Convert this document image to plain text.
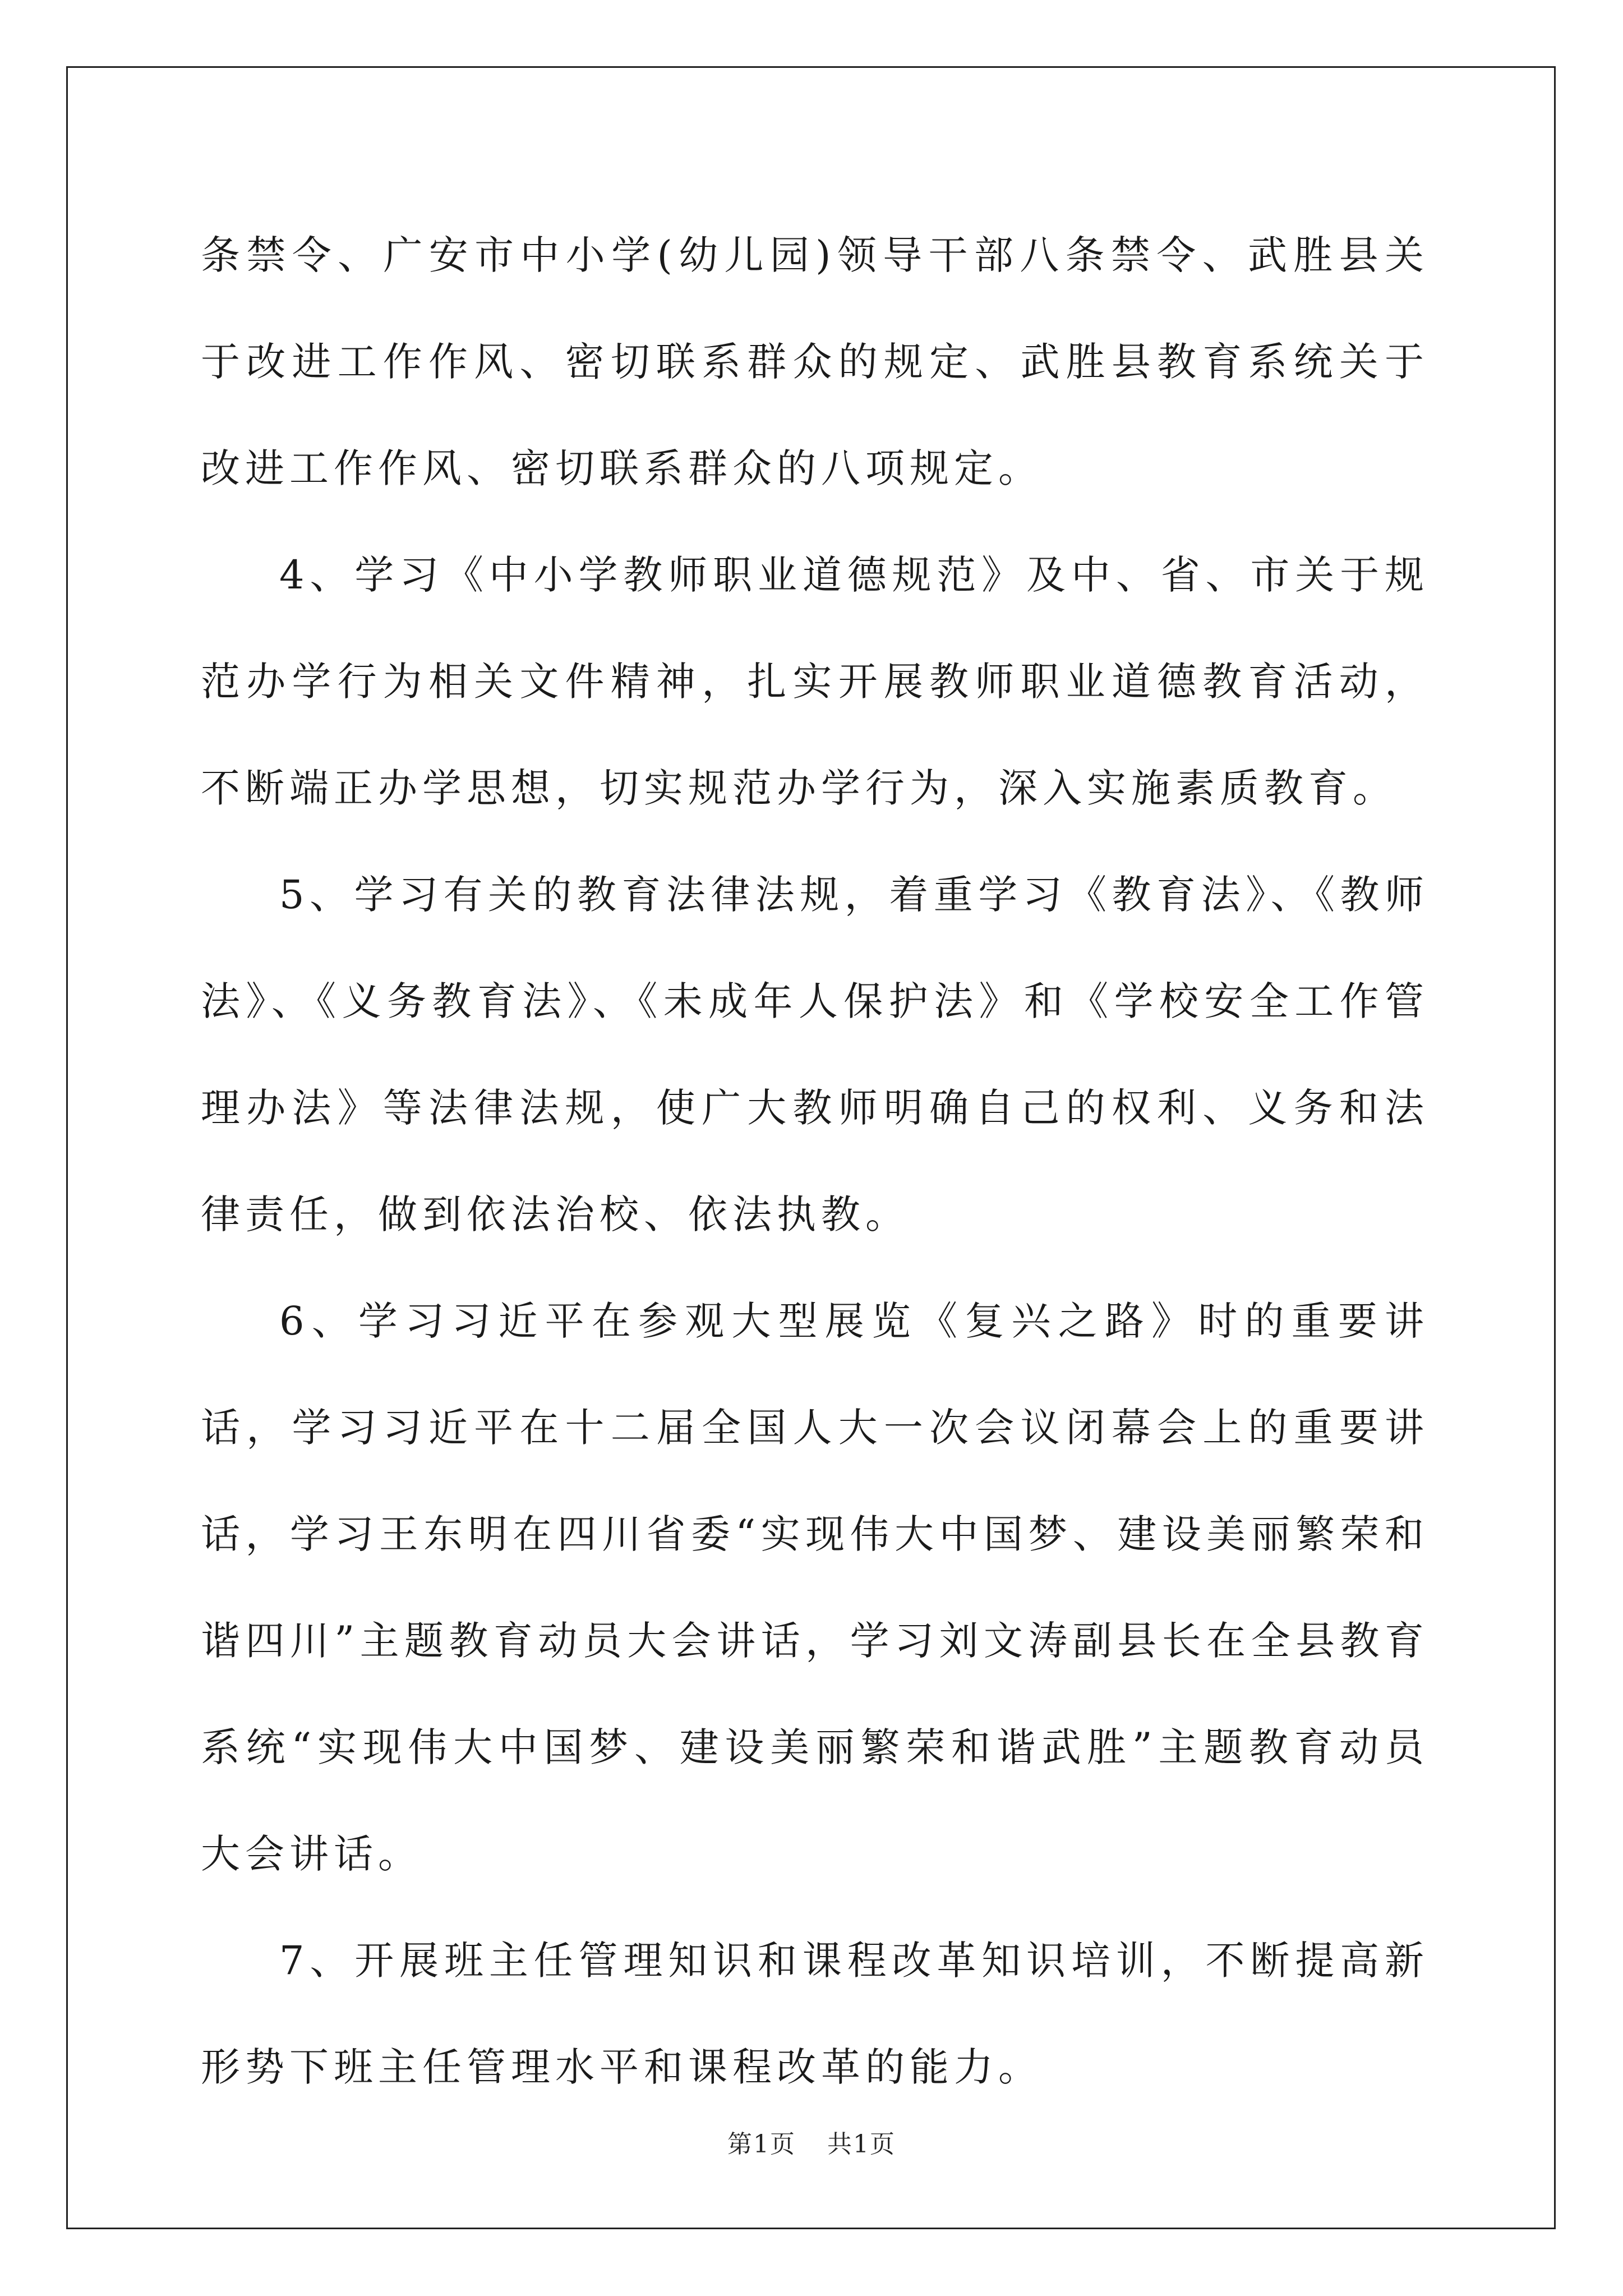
条禁令、广安市中小学(幼儿园)领导干部八条禁令、武胜县关于改进工作作风、密切联系群众的规定、武胜县教育系统关于改进工作作风、密切联系群众的八项规定。

4、学习《中小学教师职业道德规范》及中、省、市关于规范办学行为相关文件精神，扎实开展教师职业道德教育活动，不断端正办学思想，切实规范办学行为，深入实施素质教育。

5、学习有关的教育法律法规，着重学习《教育法》、《教师法》、《义务教育法》、《未成年人保护法》和《学校安全工作管理办法》等法律法规，使广大教师明确自己的权利、义务和法律责任，做到依法治校、依法执教。

6、学习习近平在参观大型展览《复兴之路》时的重要讲话，学习习近平在十二届全国人大一次会议闭幕会上的重要讲话，学习王东明在四川省委“实现伟大中国梦、建设美丽繁荣和谐四川”主题教育动员大会讲话，学习刘文涛副县长在全县教育系统“实现伟大中国梦、建设美丽繁荣和谐武胜”主题教育动员大会讲话。

7、开展班主任管理知识和课程改革知识培训，不断提高新形势下班主任管理水平和课程改革的能力。

第1页 共1页
